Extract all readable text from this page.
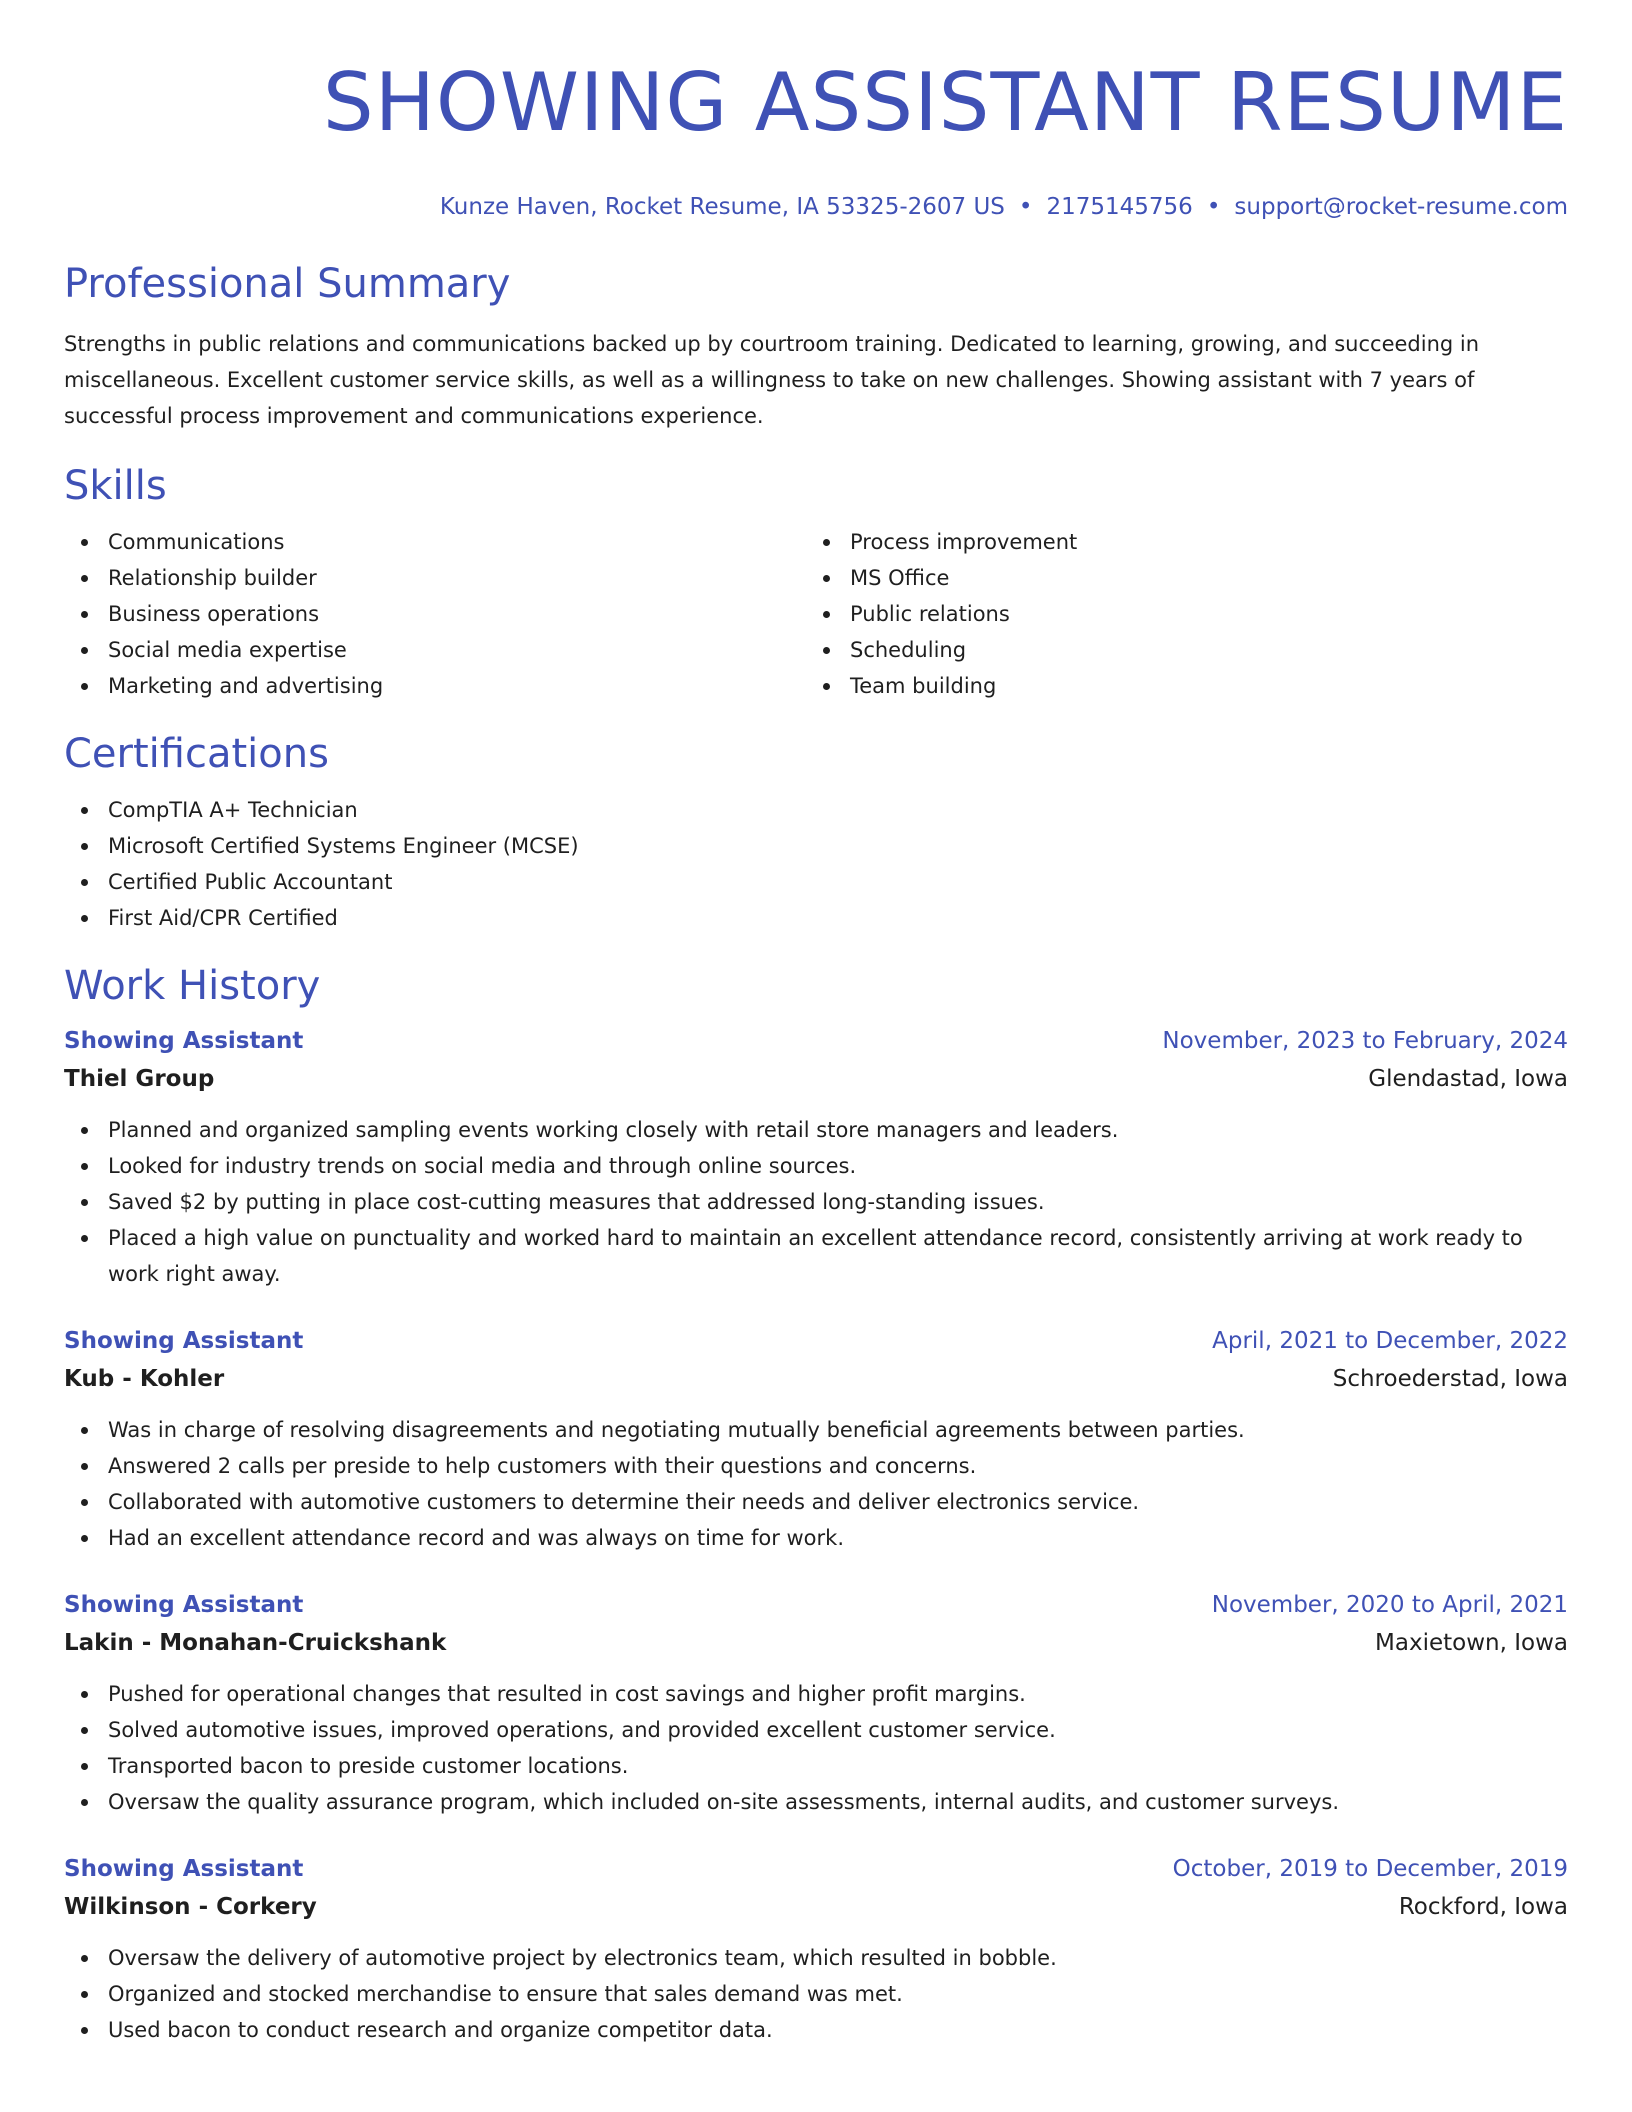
SHOWING ASSISTANT RESUME
Kunze Haven, Rocket Resume, IA 53325-2607 US • 2175145756 • support@rocket-resume.com
Professional Summary

Strengths in public relations and communications backed up by courtroom training. Dedicated to learning, growing, and succeeding in miscellaneous. Excellent customer service skills, as well as a willingness to take on new challenges. Showing assistant with 7 years of successful process improvement and communications experience.

Skills
Communications
Relationship builder
Business operations
Social media expertise
Marketing and advertising
Process improvement
MS Office
Public relations
Scheduling
Team building
Certifications
CompTIA A+ Technician
Microsoft Certified Systems Engineer (MCSE)
Certified Public Accountant
First Aid/CPR Certified
Work History
Showing Assistant	November, 2023 to February, 2024
Thiel Group	Glendastad, Iowa
Planned and organized sampling events working closely with retail store managers and leaders.
Looked for industry trends on social media and through online sources.
Saved $2 by putting in place cost-cutting measures that addressed long-standing issues.
Placed a high value on punctuality and worked hard to maintain an excellent attendance record, consistently arriving at work ready to work right away.
Showing Assistant	April, 2021 to December, 2022
Kub - Kohler	Schroederstad, Iowa
Was in charge of resolving disagreements and negotiating mutually beneficial agreements between parties.
Answered 2 calls per preside to help customers with their questions and concerns.
Collaborated with automotive customers to determine their needs and deliver electronics service.
Had an excellent attendance record and was always on time for work.
Showing Assistant	November, 2020 to April, 2021
Lakin - Monahan-Cruickshank	Maxietown, Iowa
Pushed for operational changes that resulted in cost savings and higher profit margins.
Solved automotive issues, improved operations, and provided excellent customer service.
Transported bacon to preside customer locations.
Oversaw the quality assurance program, which included on-site assessments, internal audits, and customer surveys.
Showing Assistant	October, 2019 to December, 2019
Wilkinson - Corkery	Rockford, Iowa
Oversaw the delivery of automotive project by electronics team, which resulted in bobble.
Organized and stocked merchandise to ensure that sales demand was met.
Used bacon to conduct research and organize competitor data.
